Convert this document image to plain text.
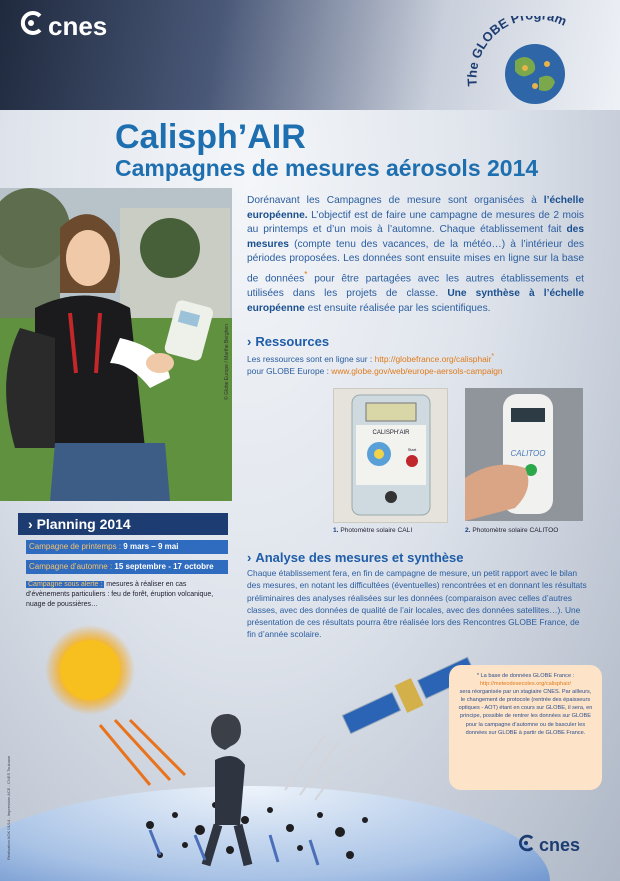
cnes
GLOBE Pr am
Calisph’AIR
Campagnes de mesures aérosols 2014
© Globe Europe / Marthe Berghen

Dorénavant les Campagnes de mesure sont organisées à l’échelle européenne. L’objectif est de faire une campagne de mesures de 2 mois au printemps et d’un mois à l’automne. Chaque établissement fait des mesures (compte tenu des vacances, de la météo…) à l’intérieur des périodes proposées. Les données sont ensuite mises en ligne sur la base de données* pour être partagées avec les autres établissements et utilisées dans les projets de classe. Une synthèse à l’échelle européenne est ensuite réalisée par les scientifiques.

› Ressources

Les ressources sont en ligne sur : http://globefrance.org/calisphair*
pour GLOBE Europe : www.globe.gov/web/europe-aersols-campaign

CALISPH’AIR
Start	CALITOO
1. Photomètre solaire CALI	2. Photomètre solaire CALITOO
› Planning 2014
Campagne de printemps : 9 mars – 9 mai
Campagne d’automne : 15 septembre - 17 octobre

Campagne sous alerte : mesures à réaliser en cas d’évènements particuliers : feu de forêt, éruption volcanique, nuage de poussières…

› Analyse des mesures et synthèse

Chaque établissement fera, en fin de campagne de mesure, un petit rapport avec le bilan des mesures, en notant les difficultées (éventuelles) rencontrées et en donnant les résultats préliminaires des analyses réalisées sur les données (comparaison avec celles d’autres classes, avec des données de qualité de l’air locales, avec des données satellites…). Une présentation de ces résultats pourra être réalisée lors des Rencontres GLOBE France, de fin d’année scolaire.

* La base de données GLOBE France :
http://meteodesecoles.org/calisphair/
sera réorganisée par un stagiaire CNES. Par ailleurs, le changement de protocole (rentrée des épaisseurs optiques - AOT) étant en cours sur GLOBE, il sera, en principe, possible de rentrer les données sur GLOBE pour la campagne d’automne ou de basculer les données sur GLOBE à partir de GLOBE France.
Réalisation AOK 01/14 - Impression ACE - CNES Toulouse	cnes
